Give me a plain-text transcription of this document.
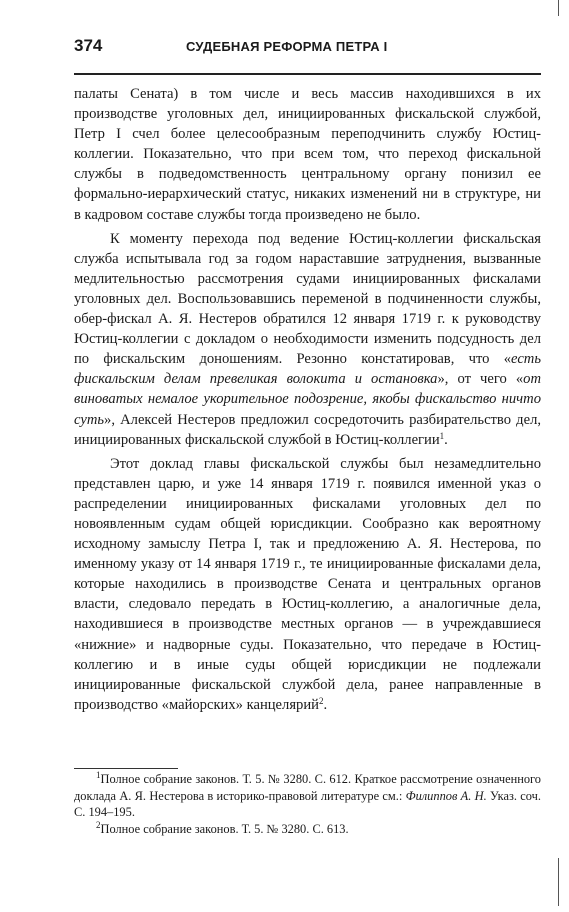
374	СУДЕБНАЯ РЕФОРМА ПЕТРА I

палаты Сената) в том числе и весь массив находившихся в их производстве уголовных дел, инициированных фискальской службой, Петр I счел более целесообразным переподчинить службу Юстиц-коллегии. Показательно, что при всем том, что переход фискальной службы в подведомственность центральному органу понизил ее формально-иерархический статус, никаких изменений ни в структуре, ни в кадровом составе службы тогда произведено не было.

К моменту перехода под ведение Юстиц-коллегии фискальская служба испытывала год за годом нараставшие затруднения, вызванные медлительностью рассмотрения судами инициированных фискалами уголовных дел. Воспользовавшись переменой в подчиненности службы, обер-фискал А. Я. Нестеров обратился 12 января 1719 г. к руководству Юстиц-коллегии с докладом о необходимости изменить подсудность дел по фискальским доношениям. Резонно констатировав, что «есть фискальским делам превеликая волокита и остановка», от чего «от виноватых немалое укорительное подозрение, якобы фискальство ничто суть», Алексей Нестеров предложил сосредоточить разбирательство дел, инициированных фискальской службой в Юстиц-коллегии$^1$.

Этот доклад главы фискальской службы был незамедлительно представлен царю, и уже 14 января 1719 г. появился именной указ о распределении инициированных фискалами уголовных дел по новоявленным судам общей юрисдикции. Сообразно как вероятному исходному замыслу Петра I, так и предложению А. Я. Нестерова, по именному указу от 14 января 1719 г., те инициированные фискалами дела, которые находились в производстве Сената и центральных органов власти, следовало передать в Юстиц-коллегию, а аналогичные дела, находившиеся в производстве местных органов — в учреждавшиеся «нижние» и надворные суды. Показательно, что передаче в Юстиц-коллегию и в иные суды общей юрисдикции не подлежали инициированные фискальской службой дела, ранее направленные в производство «майорских» канцелярий$^2$.

$^1$Полное собрание законов. Т. 5. № 3280. С. 612. Краткое рассмотрение означенного доклада А. Я. Нестерова в историко-правовой литературе см.: Филиппов А. Н. Указ. соч. С. 194–195.

$^2$Полное собрание законов. Т. 5. № 3280. С. 613.
